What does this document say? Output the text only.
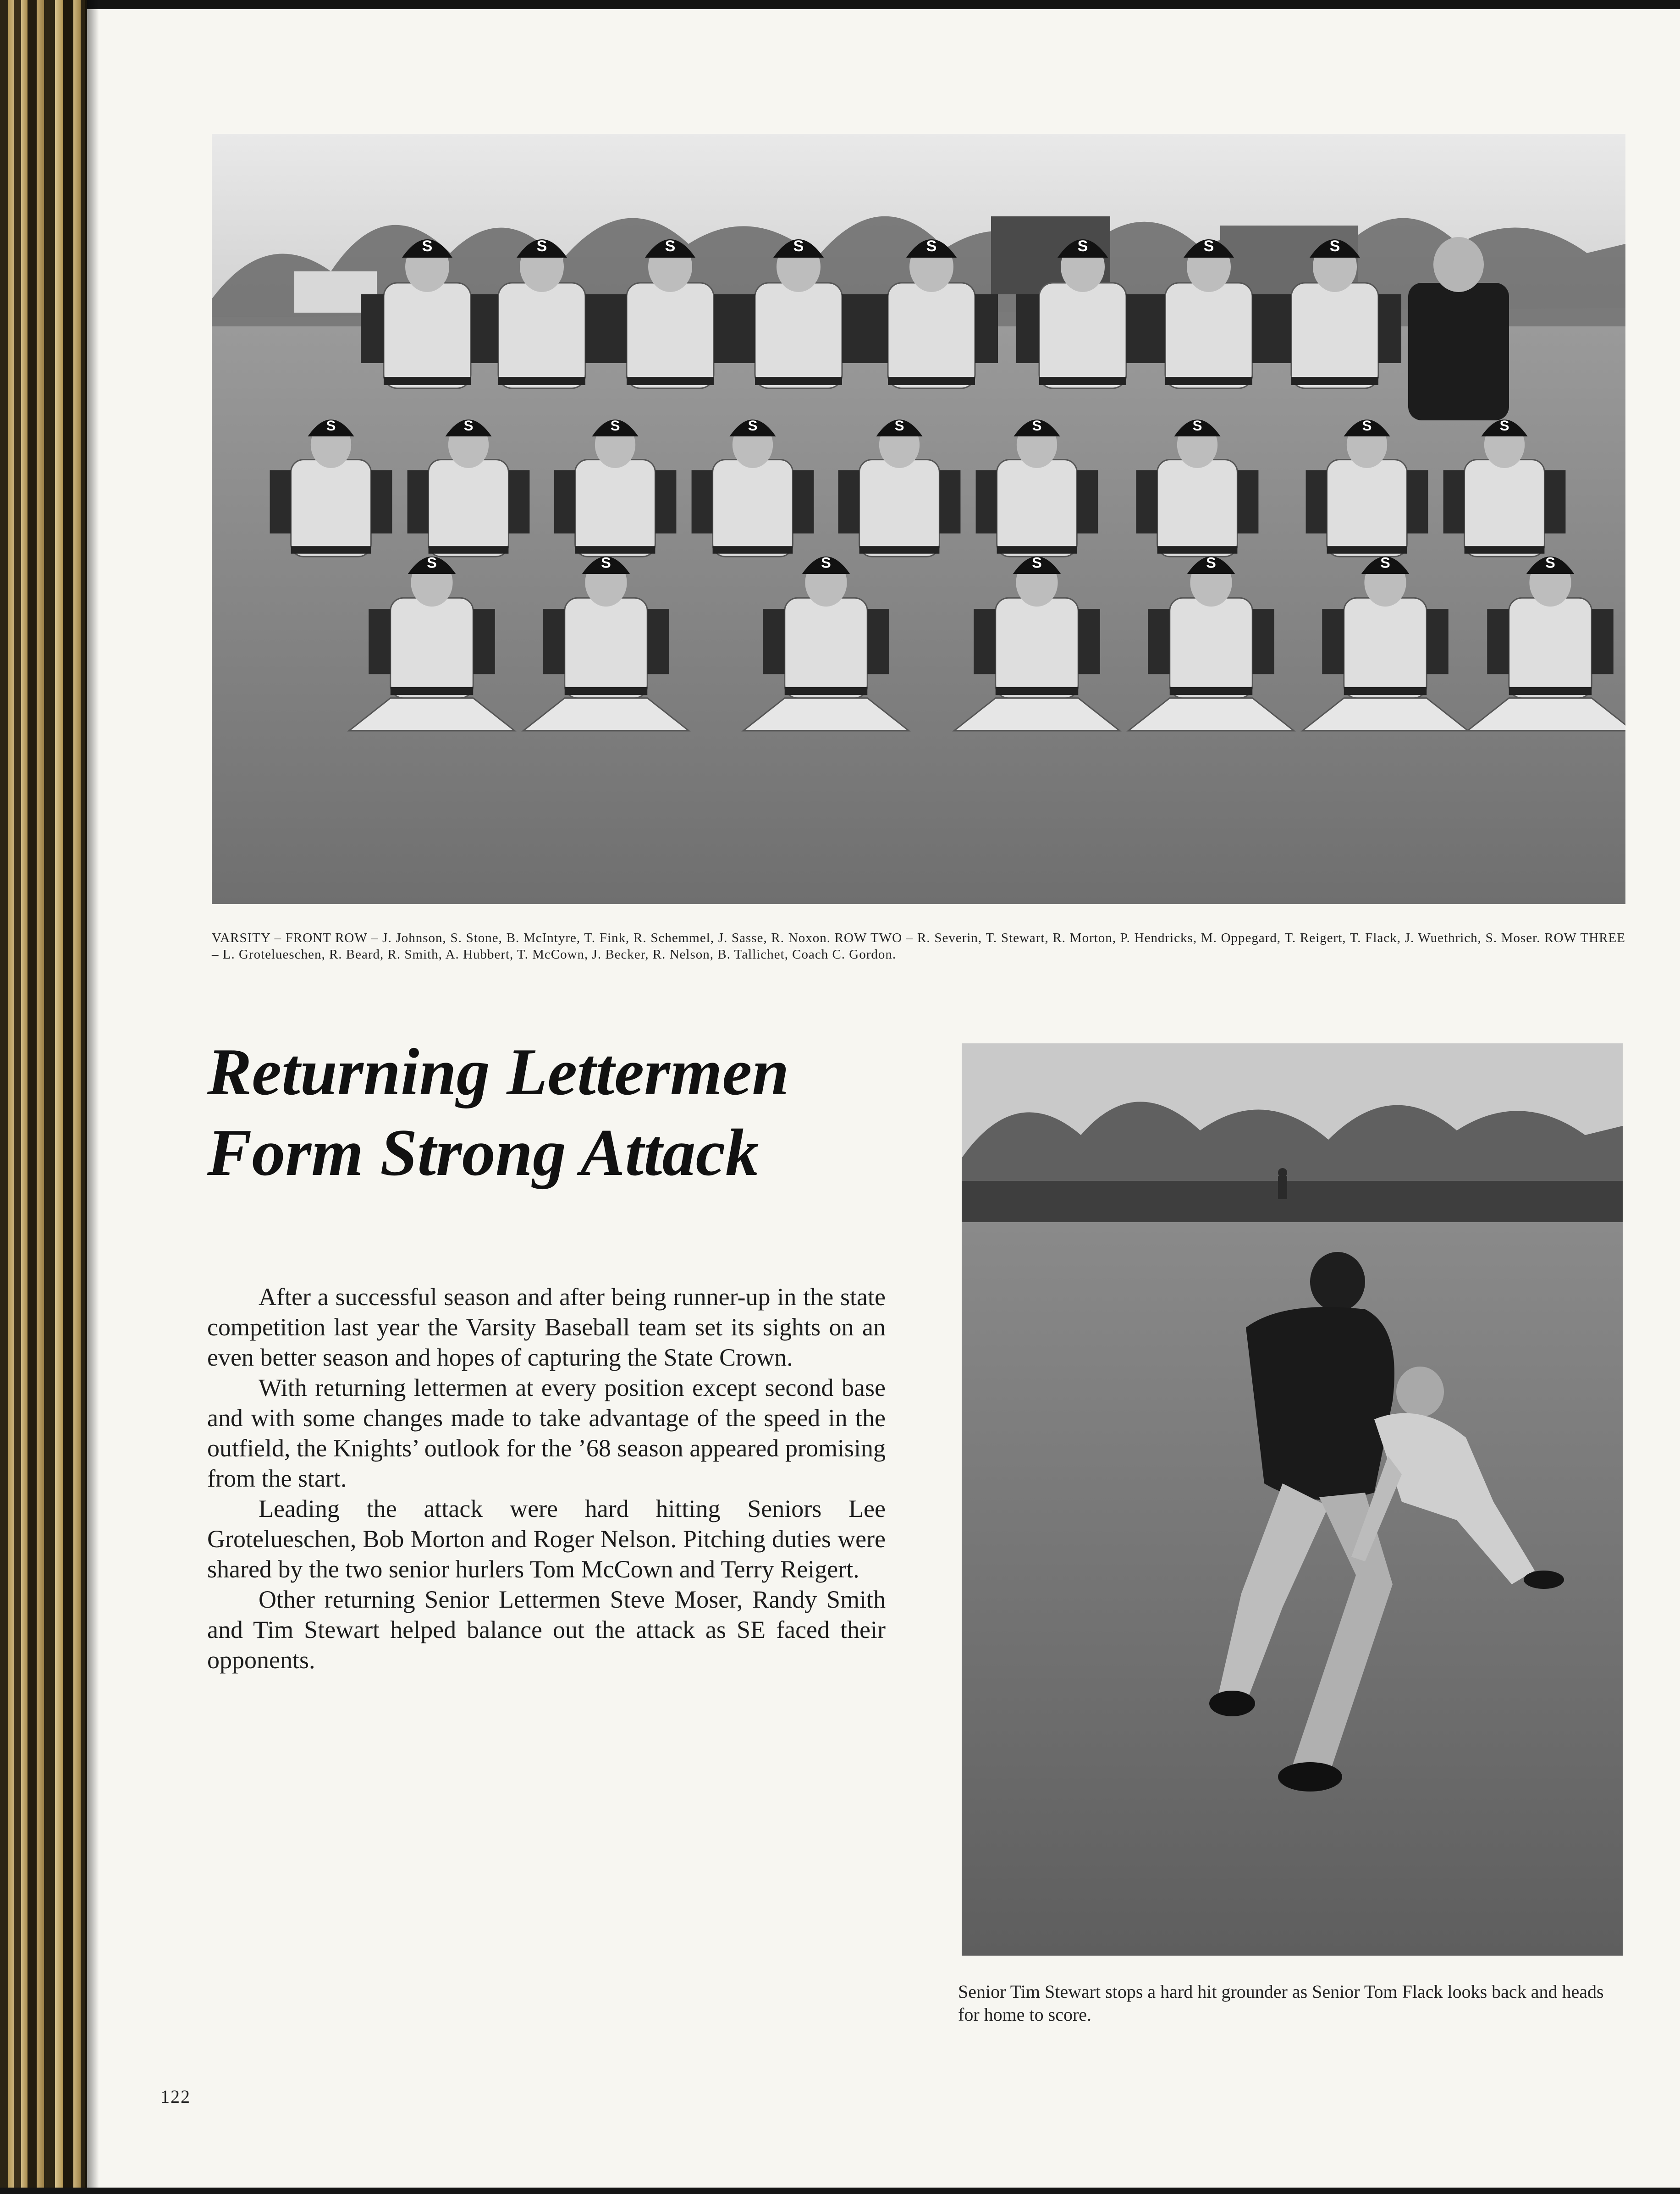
S	S	S	S	S	S	S	S
S	S	S	S	S	S	S	S	S
S	S	S	S	S	S	S
VARSITY – FRONT ROW – J. Johnson, S. Stone, B. McIntyre, T. Fink, R. Schemmel, J. Sasse, R. Noxon. ROW TWO – R. Severin, T. Stewart, R. Morton, P. Hendricks, M. Oppegard, T. Reigert, T. Flack, J. Wuethrich, S. Moser. ROW THREE – L. Grotelueschen, R. Beard, R. Smith, A. Hubbert, T. McCown, J. Becker, R. Nelson, B. Tallichet, Coach C. Gordon.
Returning Lettermen
Form Strong Attack

After a successful season and after being runner-up in the state competition last year the Varsity Baseball team set its sights on an even better season and hopes of capturing the State Crown.

With returning lettermen at every position except second base and with some changes made to take advantage of the speed in the outfield, the Knights’ outlook for the ’68 season appeared promising from the start.

Leading the attack were hard hitting Seniors Lee Grotelueschen, Bob Morton and Roger Nelson. Pitching duties were shared by the two senior hurlers Tom McCown and Terry Reigert.

Other returning Senior Lettermen Steve Moser, Randy Smith and Tim Stewart helped balance out the attack as SE faced their opponents.

Senior Tim Stewart stops a hard hit grounder as Senior Tom Flack looks back and heads for home to score.
122
